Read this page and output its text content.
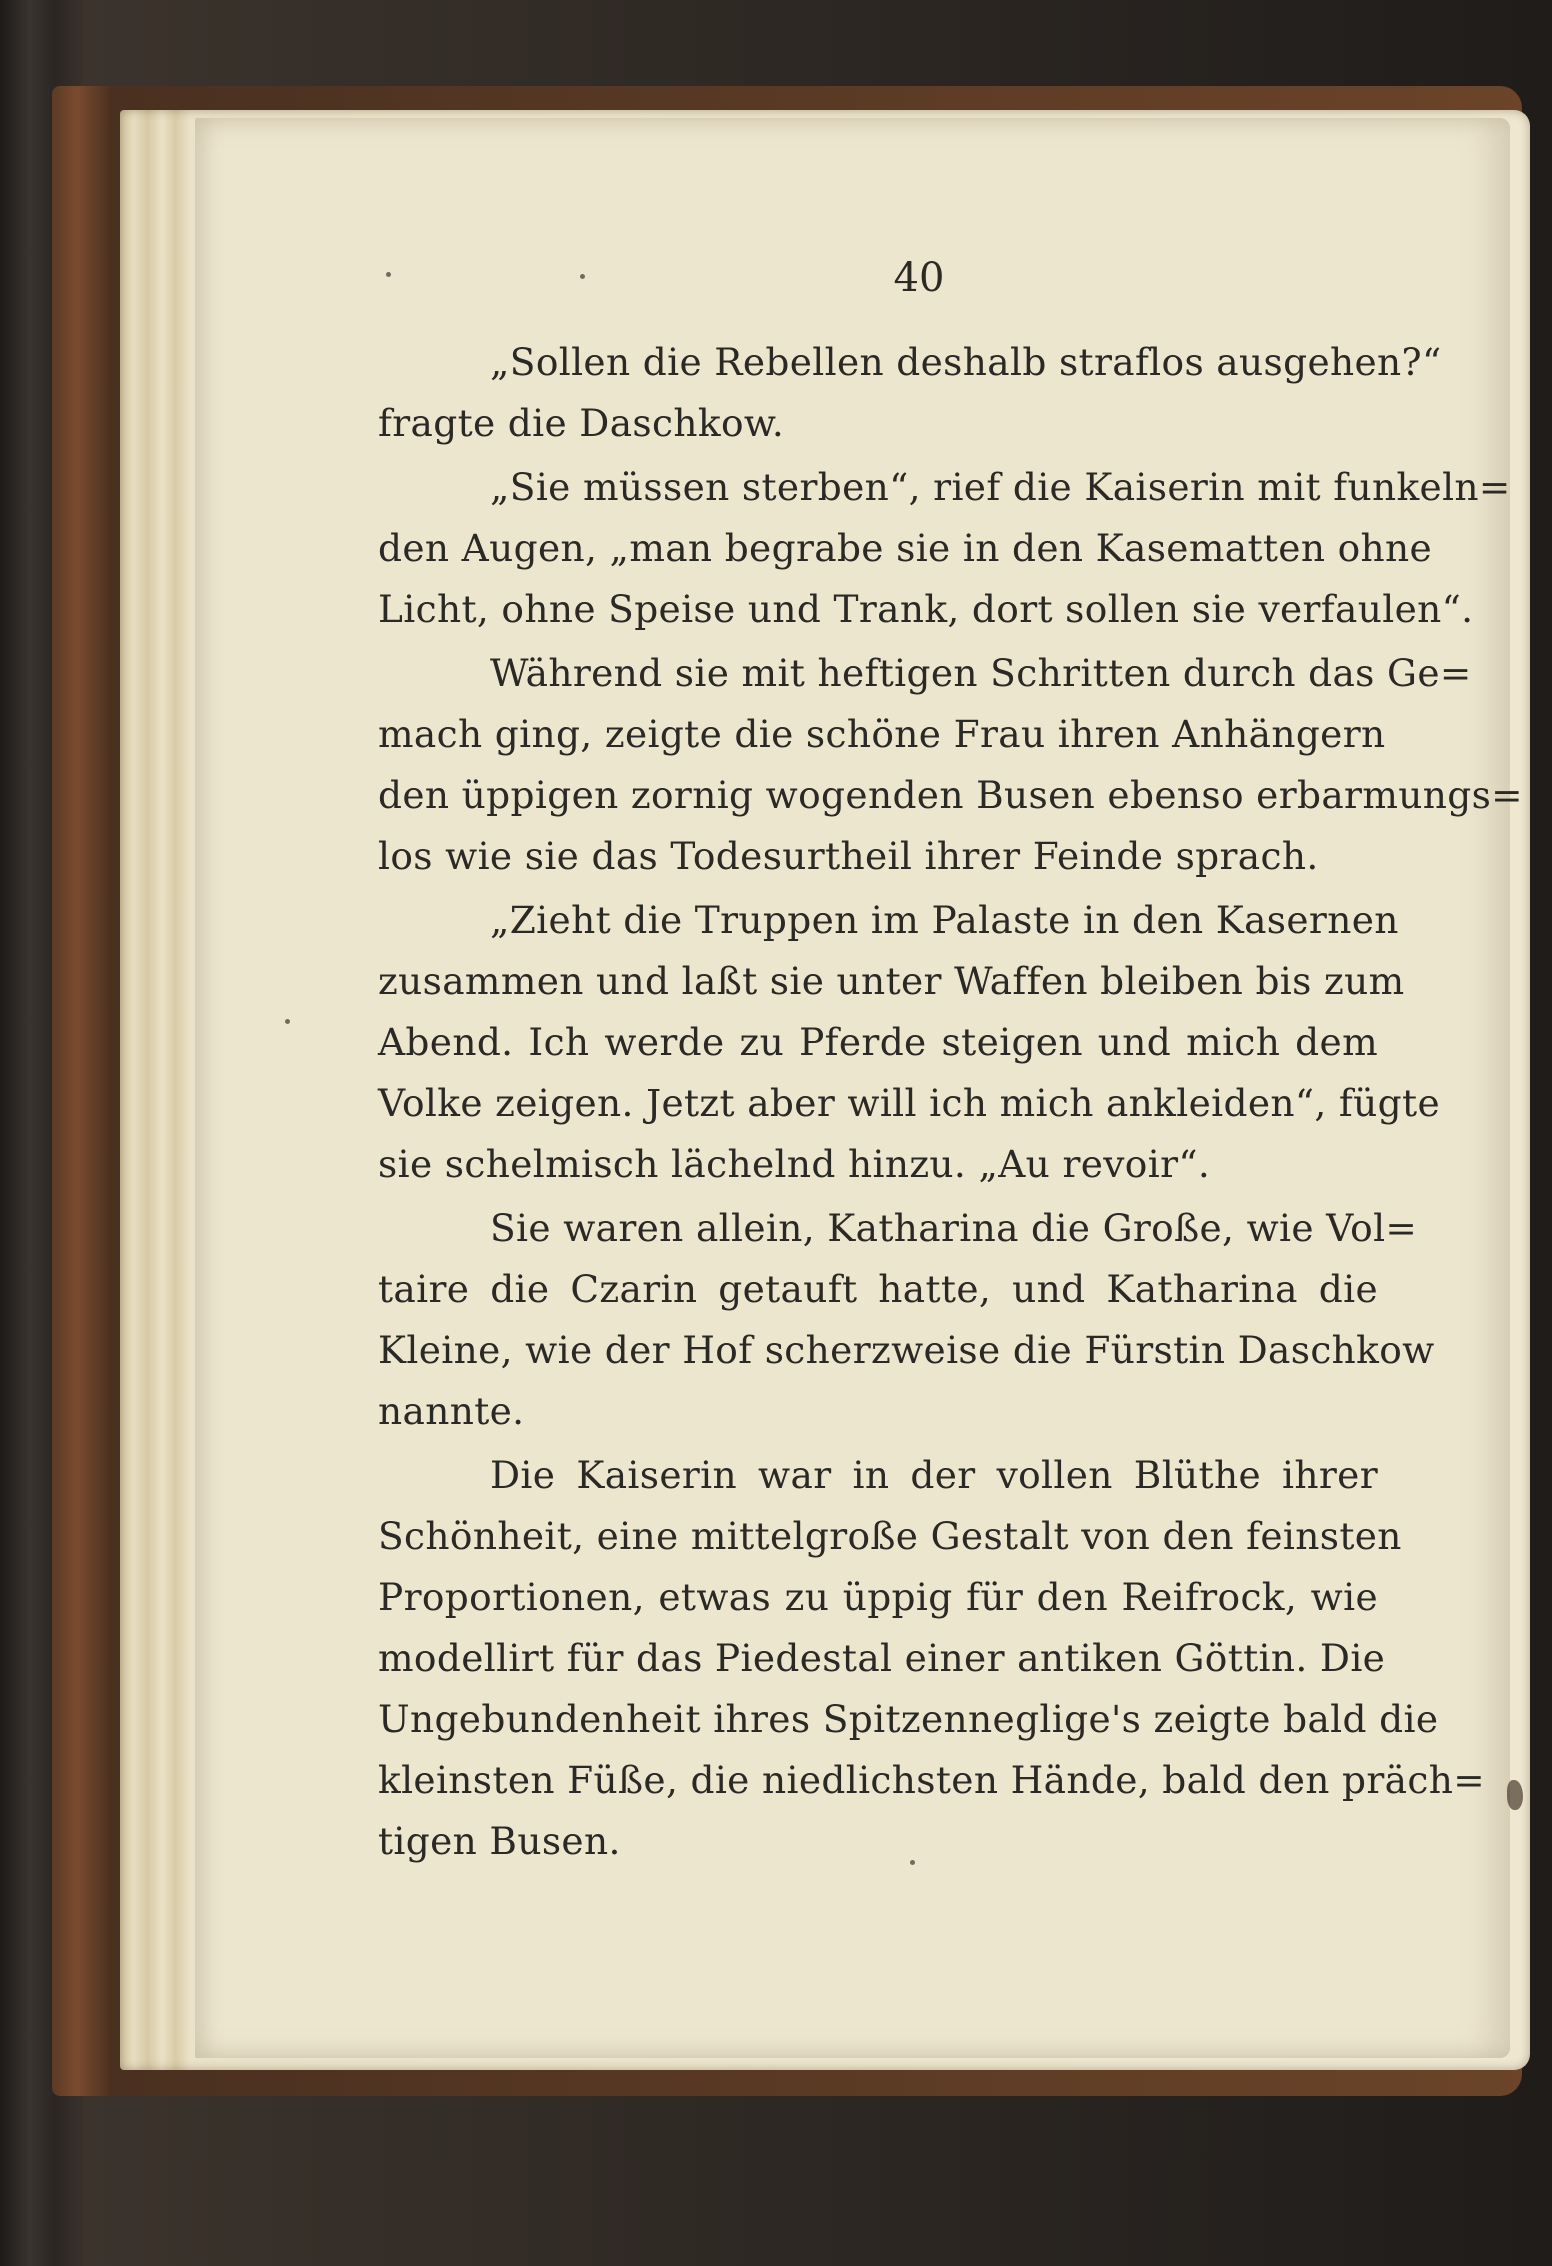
40
„Sollen die Rebellen deshalb straflos ausgehen?“
fragte die Daschkow.
„Sie müssen sterben“, rief die Kaiserin mit funkeln=
den Augen, „man begrabe sie in den Kasematten ohne
Licht, ohne Speise und Trank, dort sollen sie verfaulen“.
Während sie mit heftigen Schritten durch das Ge=
mach ging, zeigte die schöne Frau ihren Anhängern
den üppigen zornig wogenden Busen ebenso erbarmungs=
los wie sie das Todesurtheil ihrer Feinde sprach.
„Zieht die Truppen im Palaste in den Kasernen
zusammen und laßt sie unter Waffen bleiben bis zum
Abend. Ich werde zu Pferde steigen und mich dem
Volke zeigen. Jetzt aber will ich mich ankleiden“, fügte
sie schelmisch lächelnd hinzu. „Au revoir“.
Sie waren allein, Katharina die Große, wie Vol=
taire die Czarin getauft hatte, und Katharina die
Kleine, wie der Hof scherzweise die Fürstin Daschkow
nannte.
Die Kaiserin war in der vollen Blüthe ihrer
Schönheit, eine mittelgroße Gestalt von den feinsten
Proportionen, etwas zu üppig für den Reifrock, wie
modellirt für das Piedestal einer antiken Göttin. Die
Ungebundenheit ihres Spitzenneglige's zeigte bald die
kleinsten Füße, die niedlichsten Hände, bald den präch=
tigen Busen.
